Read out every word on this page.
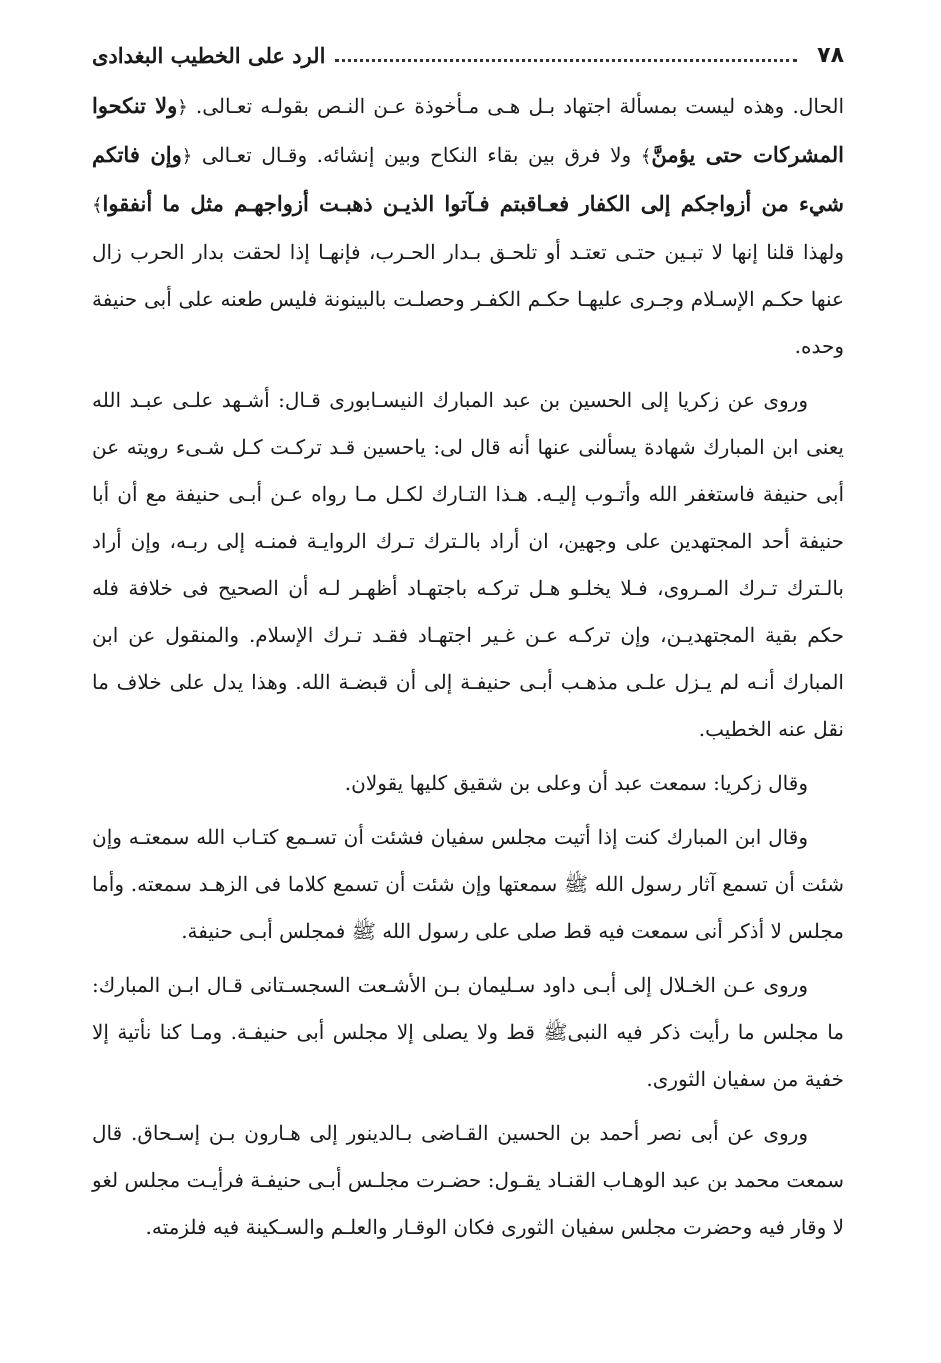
٧٨
الرد على الخطيب البغدادى

الحال. وهذه ليست بمسألة اجتهاد بـل هـى مـأخوذة عـن النـص بقولـه تعـالى. ﴿ولا تنكحوا المشركات حتى يؤمنَّ﴾ ولا فرق بين بقاء النكاح وبين إنشائه. وقـال تعـالى ﴿وإن فاتكم شيء من أزواجكم إلى الكفار فعـاقبتم فـآتوا الذيـن ذهبـت أزواجهـم مثل ما أنفقوا﴾ ولهذا قلنا إنها لا تبـين حتـى تعتـد أو تلحـق بـدار الحـرب، فإنهـا إذا لحقت بدار الحرب زال عنها حكـم الإسـلام وجـرى عليهـا حكـم الكفـر وحصلـت بالبينونة فليس طعنه على أبى حنيفة وحده.

وروى عن زكريا إلى الحسين بن عبد المبارك النيسـابورى قـال: أشـهد علـى عبـد الله يعنى ابن المبارك شهادة يسألنى عنها أنه قال لى: ياحسين قـد تركـت كـل شـىء رويته عن أبى حنيفة فاستغفر الله وأتـوب إليـه. هـذا التـارك لكـل مـا رواه عـن أبـى حنيفة مع أن أبا حنيفة أحد المجتهدين على وجهين، ان أراد بالـترك تـرك الروايـة فمنـه إلى ربـه، وإن أراد بالـترك تـرك المـروى، فـلا يخلـو هـل تركـه باجتهـاد أظهـر لـه أن الصحيح فى خلافة فله حكم بقية المجتهديـن، وإن تركـه عـن غـير اجتهـاد فقـد تـرك الإسلام. والمنقول عن ابن المبارك أنـه لم يـزل علـى مذهـب أبـى حنيفـة إلى أن قبضـة الله. وهذا يدل على خلاف ما نقل عنه الخطيب.

وقال زكريا: سمعت عبد أن وعلى بن شقيق كليها يقولان.

وقال ابن المبارك كنت إذا أتيت مجلس سفيان فشئت أن تسـمع كتـاب الله سمعتـه وإن شئت أن تسمع آثار رسول الله ﷺ سمعتها وإن شئت أن تسمع كلاما فى الزهـد سمعته. وأما مجلس لا أذكر أنى سمعت فيه قط صلى على رسول الله ﷺ فمجلس أبـى حنيفة.

وروى عـن الخـلال إلى أبـى داود سـليمان بـن الأشـعت السجسـتانى قـال ابـن المبارك: ما مجلس ما رأيت ذكر فيه النبىﷺ قط ولا يصلى إلا مجلس أبى حنيفـة. ومـا كنا نأتية إلا خفية من سفيان الثورى.

وروى عن أبى نصر أحمد بن الحسين القـاضى بـالدينور إلى هـارون بـن إسـحاق. قال سمعت محمد بن عبد الوهـاب القنـاد يقـول: حضـرت مجلـس أبـى حنيفـة فرأيـت مجلس لغو لا وقار فيه وحضرت مجلس سفيان الثورى فكان الوقـار والعلـم والسـكينة فيه فلزمته.
